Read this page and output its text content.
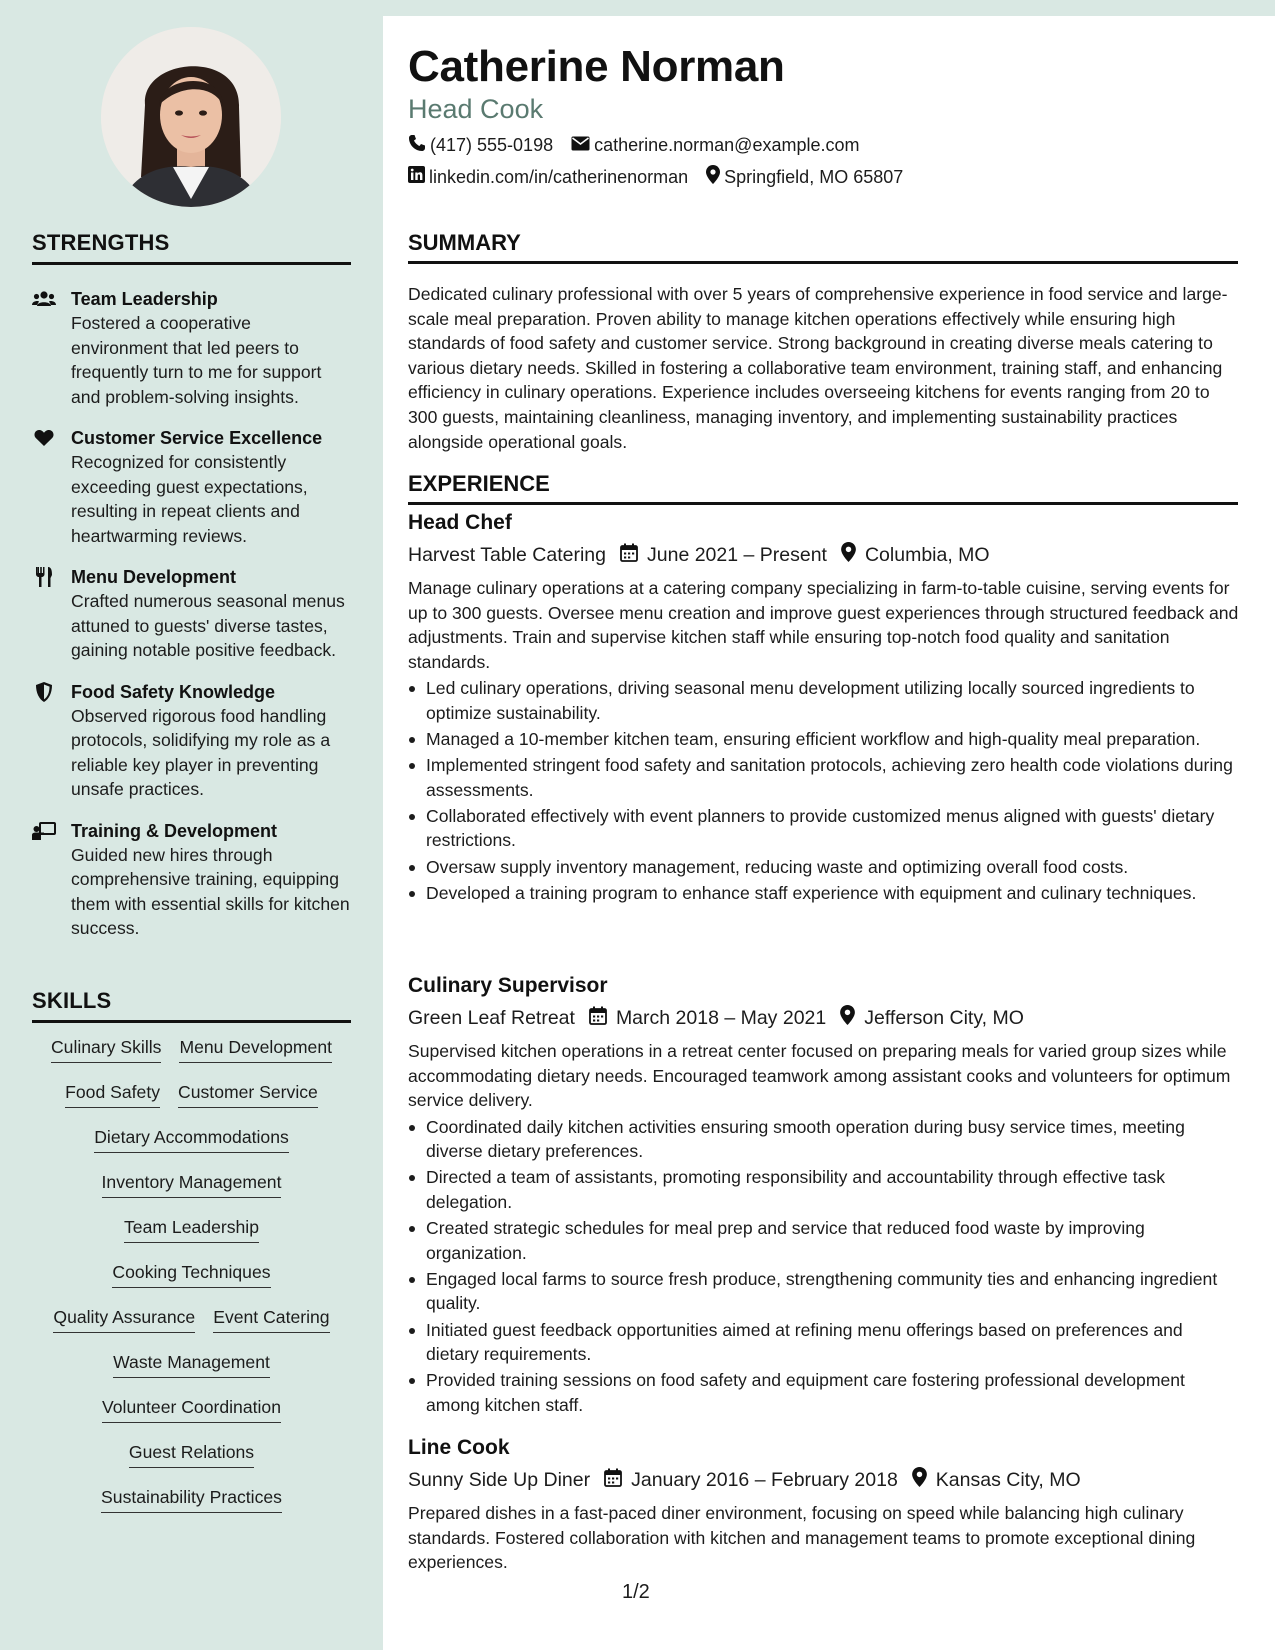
STRENGTHS
Team Leadership
Fostered a cooperative environment that led peers to frequently turn to me for support and problem-solving insights.
Customer Service Excellence
Recognized for consistently exceeding guest expectations, resulting in repeat clients and heartwarming reviews.
Menu Development
Crafted numerous seasonal menus attuned to guests' diverse tastes, gaining notable positive feedback.
Food Safety Knowledge
Observed rigorous food handling protocols, solidifying my role as a reliable key player in preventing unsafe practices.
Training & Development
Guided new hires through comprehensive training, equipping them with essential skills for kitchen success.
SKILLS
Culinary Skills Menu Development
Food Safety Customer Service
Dietary Accommodations
Inventory Management
Team Leadership
Cooking Techniques
Quality Assurance Event Catering
Waste Management
Volunteer Coordination
Guest Relations
Sustainability Practices
Catherine Norman
Head Cook
(417) 555-0198 catherine.norman@example.com
linkedin.com/in/catherinenorman Springfield, MO 65807
SUMMARY
Dedicated culinary professional with over 5 years of comprehensive experience in food service and large-scale meal preparation. Proven ability to manage kitchen operations effectively while ensuring high standards of food safety and customer service. Strong background in creating diverse meals catering to various dietary needs. Skilled in fostering a collaborative team environment, training staff, and enhancing efficiency in culinary operations. Experience includes overseeing kitchens for events ranging from 20 to 300 guests, maintaining cleanliness, managing inventory, and implementing sustainability practices alongside operational goals.
EXPERIENCE
Head Chef
Harvest Table Catering June 2021 – Present Columbia, MO
Manage culinary operations at a catering company specializing in farm-to-table cuisine, serving events for up to 300 guests. Oversee menu creation and improve guest experiences through structured feedback and adjustments. Train and supervise kitchen staff while ensuring top-notch food quality and sanitation standards.
Led culinary operations, driving seasonal menu development utilizing locally sourced ingredients to optimize sustainability.
Managed a 10-member kitchen team, ensuring efficient workflow and high-quality meal preparation.
Implemented stringent food safety and sanitation protocols, achieving zero health code violations during assessments.
Collaborated effectively with event planners to provide customized menus aligned with guests' dietary restrictions.
Oversaw supply inventory management, reducing waste and optimizing overall food costs.
Developed a training program to enhance staff experience with equipment and culinary techniques.
Culinary Supervisor
Green Leaf Retreat March 2018 – May 2021 Jefferson City, MO
Supervised kitchen operations in a retreat center focused on preparing meals for varied group sizes while accommodating dietary needs. Encouraged teamwork among assistant cooks and volunteers for optimum service delivery.
Coordinated daily kitchen activities ensuring smooth operation during busy service times, meeting diverse dietary preferences.
Directed a team of assistants, promoting responsibility and accountability through effective task delegation.
Created strategic schedules for meal prep and service that reduced food waste by improving organization.
Engaged local farms to source fresh produce, strengthening community ties and enhancing ingredient quality.
Initiated guest feedback opportunities aimed at refining menu offerings based on preferences and dietary requirements.
Provided training sessions on food safety and equipment care fostering professional development among kitchen staff.
Line Cook
Sunny Side Up Diner January 2016 – February 2018 Kansas City, MO
Prepared dishes in a fast-paced diner environment, focusing on speed while balancing high culinary standards. Fostered collaboration with kitchen and management teams to promote exceptional dining experiences.
1/2
